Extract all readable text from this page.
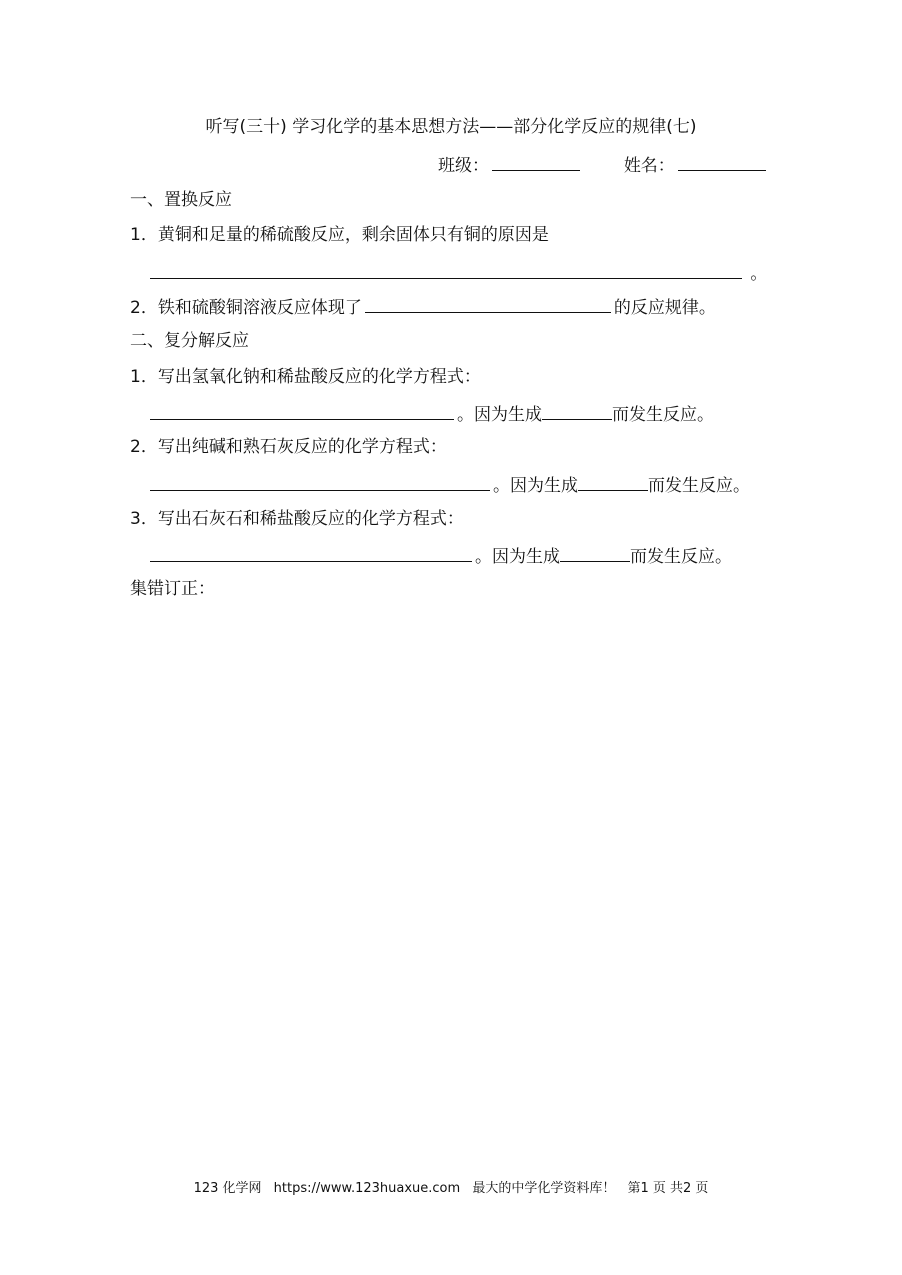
听写(三十) 学习化学的基本思想方法——部分化学反应的规律(七)
班级：	姓名：
一、置换反应
1．黄铜和足量的稀硫酸反应，剩余固体只有铜的原因是
。
2．铁和硫酸铜溶液反应体现了	的反应规律。
二、复分解反应
1．写出氢氧化钠和稀盐酸反应的化学方程式：
。因为生成	而发生反应。
2．写出纯碱和熟石灰反应的化学方程式：
。因为生成	而发生反应。
3．写出石灰石和稀盐酸反应的化学方程式：
。因为生成	而发生反应。
集错订正：
123 化学网 https://www.123huaxue.com 最大的中学化学资料库！ 第1 页 共2 页
